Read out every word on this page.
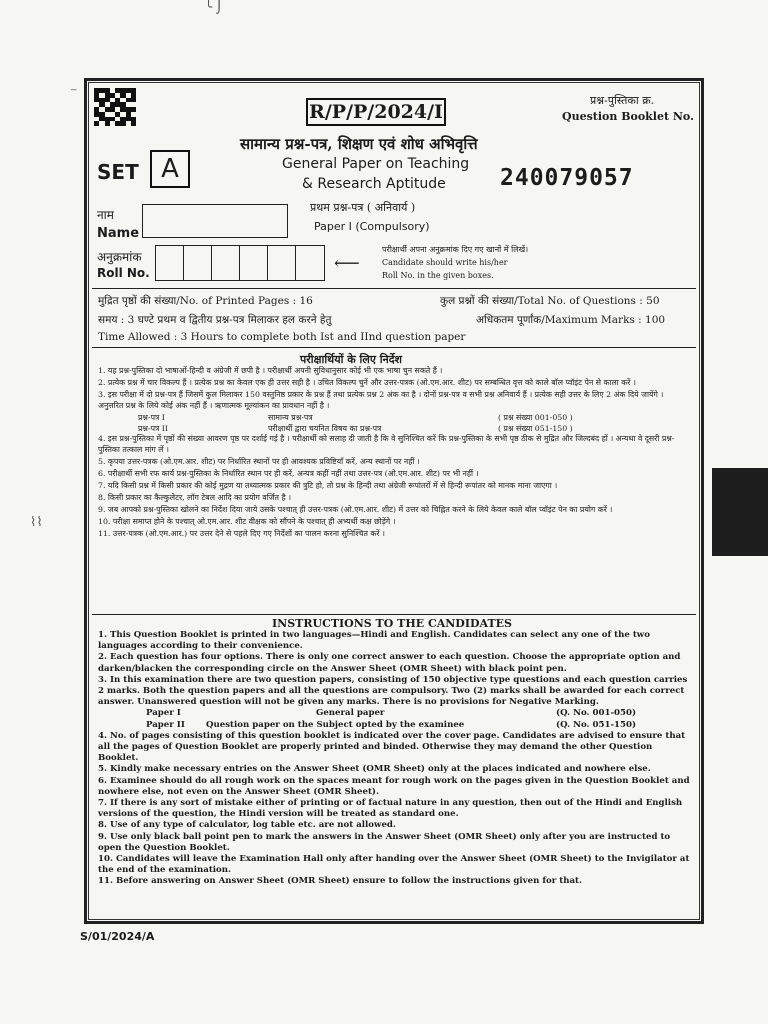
╰ ⌡
⁻
⌇⌇
R/P/P/2024/I
प्रश्न-पुस्तिका क्र.
Question Booklet No.
सामान्य प्रश्न-पत्र, शिक्षण एवं शोध अभिवृत्ति
General Paper on Teaching
& Research Aptitude 240079057
SET A
प्रथम प्रश्न-पत्र ( अनिवार्य )
Paper I (Compulsory)
नाम
Name
अनुक्रमांक
Roll No.	⟵
परीक्षार्थी अपना अनुक्रमांक दिए गए खानों में लिखें।
Candidate should write his/her
Roll No. in the given boxes.
मुद्रित पृष्ठों की संख्या/No. of Printed Pages : 16	कुल प्रश्नों की संख्या/Total No. of Questions : 50
समय : 3 घण्टे प्रथम व द्वितीय प्रश्न-पत्र मिलाकर हल करने हेतु	अधिकतम पूर्णांक/Maximum Marks : 100
Time Allowed : 3 Hours to complete both Ist and IInd question paper
परीक्षार्थियों के लिए निर्देश

1. यह प्रश्न-पुस्तिका दो भाषाओं-हिन्दी व अंग्रेजी में छपी है । परीक्षार्थी अपनी सुविधानुसार कोई भी एक भाषा चुन सकते हैं ।

2. प्रत्येक प्रश्न में चार विकल्प हैं । प्रत्येक प्रश्न का केवल एक ही उत्तर सही है । उचित विकल्प चुनें और उत्तर-पत्रक (ओ.एम.आर. शीट) पर सम्बन्धित वृत्त को काले बॉल प्वॉइंट पेन से काला करें ।

3. इस परीक्षा में दो प्रश्न-पत्र हैं जिसमें कुल मिलाकर 150 वस्तुनिष्ठ प्रकार के प्रश्न हैं तथा प्रत्येक प्रश्न 2 अंक का है । दोनों प्रश्न-पत्र व सभी प्रश्न अनिवार्य हैं । प्रत्येक सही उत्तर के लिए 2 अंक दिये जायेंगे । अनुत्तरित प्रश्न के लिये कोई अंक नहीं हैं । ऋणात्मक मूल्यांकन का प्रावधान नहीं है ।

प्रश्न-पत्र I	सामान्य प्रश्न-पत्र	( प्रश्न संख्या 001-050 )
प्रश्न-पत्र II	परीक्षार्थी द्वारा चयनित विषय का प्रश्न-पत्र	( प्रश्न संख्या 051-150 )

4. इस प्रश्न-पुस्तिका में पृष्ठों की संख्या आवरण पृष्ठ पर दर्शाई गई है । परीक्षार्थी को सलाह दी जाती है कि वे सुनिश्चित करें कि प्रश्न-पुस्तिका के सभी पृष्ठ ठीक से मुद्रित और जिल्दबंद हों । अन्यथा वे दूसरी प्रश्न-पुस्तिका तत्काल मांग लें ।

5. कृपया उत्तर-पत्रक (ओ.एम.आर. शीट) पर निर्धारित स्थानों पर ही आवश्यक प्रविष्टियाँ करें, अन्य स्थानों पर नहीं ।

6. परीक्षार्थी सभी रफ कार्य प्रश्न-पुस्तिका के निर्धारित स्थान पर ही करें, अन्यत्र कहीं नहीं तथा उत्तर-पत्र (ओ.एम.आर. शीट) पर भी नहीं ।

7. यदि किसी प्रश्न में किसी प्रकार की कोई मुद्रण या तथ्यात्मक प्रकार की त्रुटि हो, तो प्रश्न के हिन्दी तथा अंग्रेजी रूपांतरों में से हिन्दी रूपांतर को मानक माना जाएगा ।

8. किसी प्रकार का कैल्कुलेटर, लॉग टेबल आदि का प्रयोग वर्जित है ।

9. जब आपको प्रश्न-पुस्तिका खोलने का निर्देश दिया जाये उसके पश्चात् ही उत्तर-पत्रक (ओ.एम.आर. शीट) में उत्तर को चिह्नित करने के लिये केवल काले बॉल प्वॉइंट पेन का प्रयोग करें ।

10. परीक्षा समाप्त होने के पश्चात् ओ.एम.आर. शीट वीक्षक को सौंपने के पश्चात् ही अभ्यर्थी कक्ष छोड़ेंगे ।

11. उत्तर-पत्रक (ओ.एम.आर.) पर उत्तर देने से पहले दिए गए निर्देशों का पालन करना सुनिश्चित करें ।

INSTRUCTIONS TO THE CANDIDATES

1. This Question Booklet is printed in two languages—Hindi and English. Candidates can select any one of the two languages according to their convenience.

2. Each question has four options. There is only one correct answer to each question. Choose the appropriate option and darken/blacken the corresponding circle on the Answer Sheet (OMR Sheet) with black point pen.

3. In this examination there are two question papers, consisting of 150 objective type questions and each question carries 2 marks. Both the question papers and all the questions are compulsory. Two (2) marks shall be awarded for each correct answer. Unanswered question will not be given any marks. There is no provisions for Negative Marking.

Paper I	General paper	(Q. No. 001-050)
Paper II	Question paper on the Subject opted by the examinee	(Q. No. 051-150)

4. No. of pages consisting of this question booklet is indicated over the cover page. Candidates are advised to ensure that all the pages of Question Booklet are properly printed and binded. Otherwise they may demand the other Question Booklet.

5. Kindly make necessary entries on the Answer Sheet (OMR Sheet) only at the places indicated and nowhere else.

6. Examinee should do all rough work on the spaces meant for rough work on the pages given in the Question Booklet and nowhere else, not even on the Answer Sheet (OMR Sheet).

7. If there is any sort of mistake either of printing or of factual nature in any question, then out of the Hindi and English versions of the question, the Hindi version will be treated as standard one.

8. Use of any type of calculator, log table etc. are not allowed.

9. Use only black ball point pen to mark the answers in the Answer Sheet (OMR Sheet) only after you are instructed to open the Question Booklet.

10. Candidates will leave the Examination Hall only after handing over the Answer Sheet (OMR Sheet) to the Invigilator at the end of the examination.

11. Before answering on Answer Sheet (OMR Sheet) ensure to follow the instructions given for that.

S/01/2024/A
